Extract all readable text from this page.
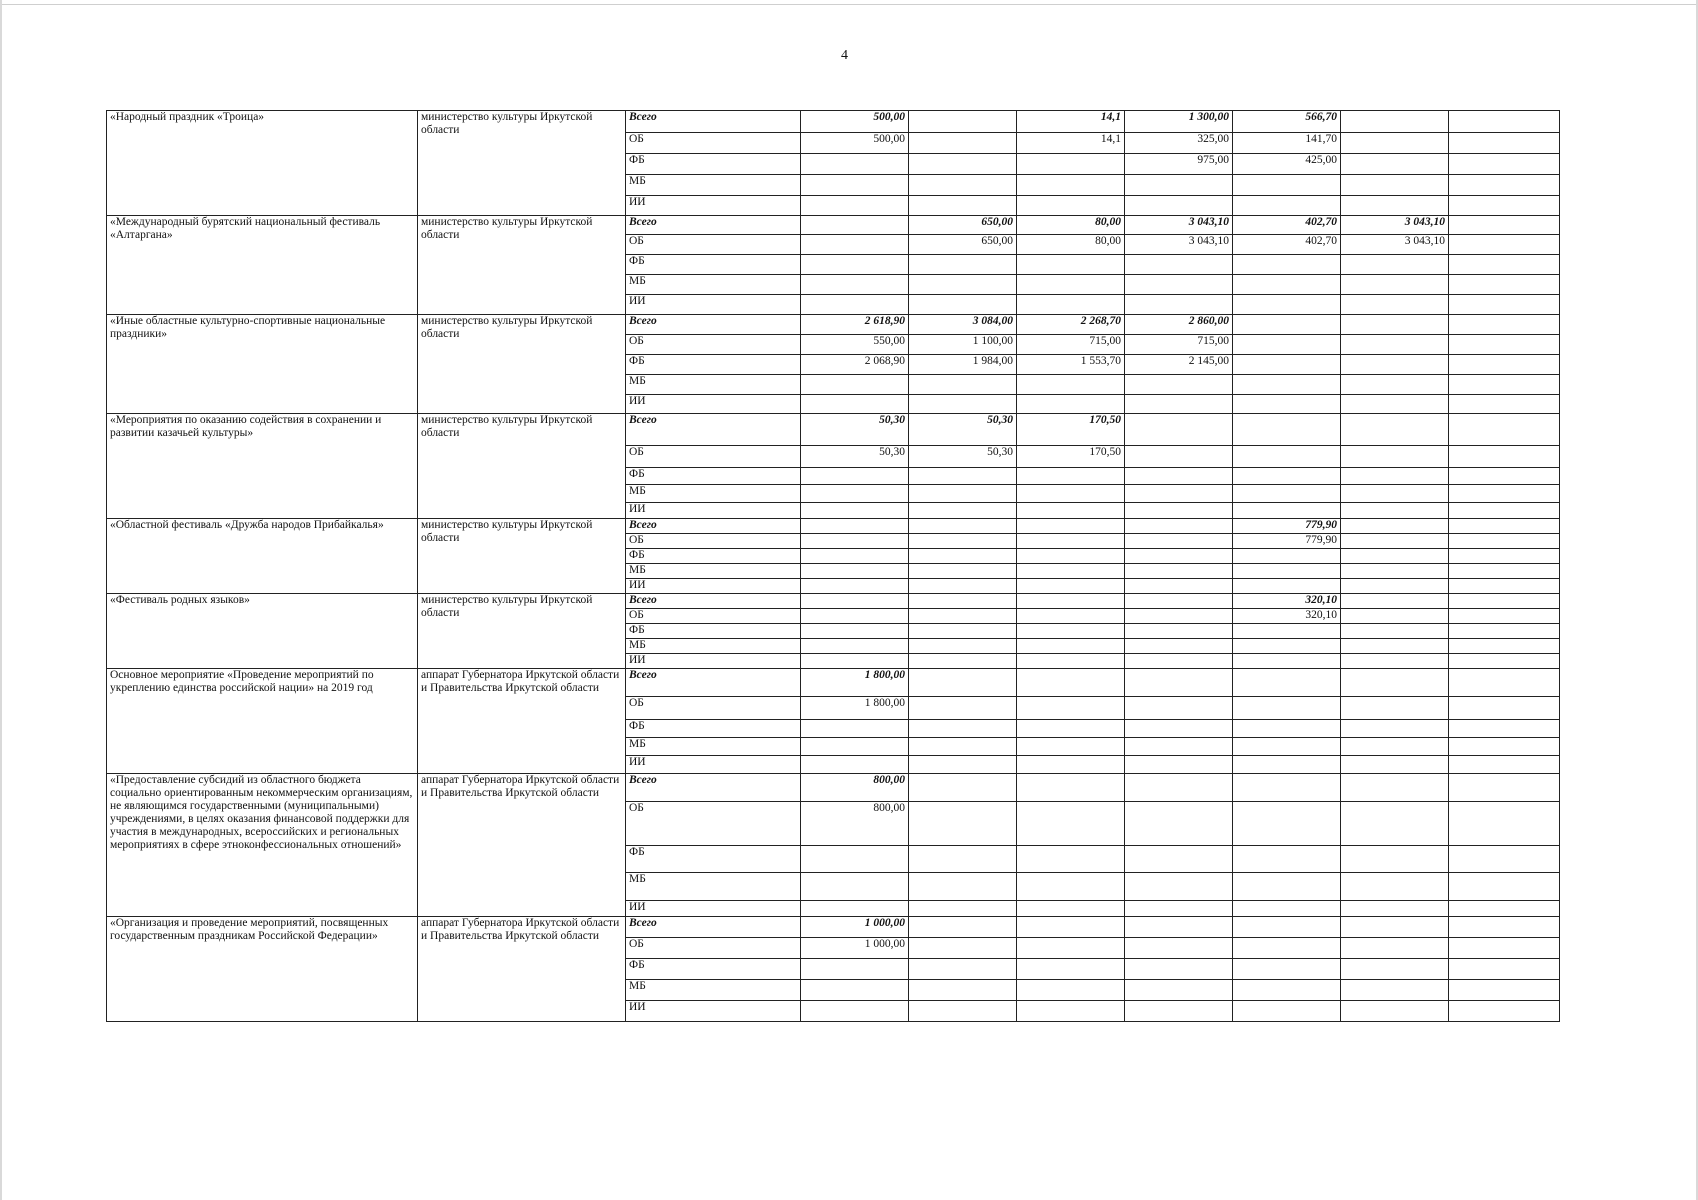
4
«Народный праздник «Троица»	министерство культуры Иркутской области	Всего	500,00		14,1	1 300,00	566,70		
		ОБ	500,00		14,1	325,00	141,70		
		ФБ				975,00	425,00		
		МБ							
		ИИ							
«Международный бурятский национальный фестиваль «Алтаргана»	министерство культуры Иркутской области	Всего		650,00	80,00	3 043,10	402,70	3 043,10	
		ОБ		650,00	80,00	3 043,10	402,70	3 043,10	
		ФБ							
		МБ							
		ИИ							
«Иные областные культурно-спортивные национальные праздники»	министерство культуры Иркутской области	Всего	2 618,90	3 084,00	2 268,70	2 860,00			
		ОБ	550,00	1 100,00	715,00	715,00			
		ФБ	2 068,90	1 984,00	1 553,70	2 145,00			
		МБ							
		ИИ							
«Мероприятия по оказанию содействия в сохранении и развитии казачьей культуры»	министерство культуры Иркутской области	Всего	50,30	50,30	170,50				
		ОБ	50,30	50,30	170,50				
		ФБ							
		МБ							
		ИИ							
«Областной фестиваль «Дружба народов Прибайкалья»	министерство культуры Иркутской области	Всего					779,90		
		ОБ					779,90		
		ФБ							
		МБ							
		ИИ							
«Фестиваль родных языков»	министерство культуры Иркутской области	Всего					320,10		
		ОБ					320,10		
		ФБ							
		МБ							
		ИИ							
Основное мероприятие «Проведение мероприятий по укреплению единства российской нации» на 2019 год	аппарат Губернатора Иркутской области и Правительства Иркутской области	Всего	1 800,00						
		ОБ	1 800,00						
		ФБ							
		МБ							
		ИИ							
«Предоставление субсидий из областного бюджета социально ориентированным некоммерческим организациям, не являющимся государственными (муниципальными) учреждениями, в целях оказания финансовой поддержки для участия в международных, всероссийских и региональных мероприятиях в сфере этноконфессиональных отношений»	аппарат Губернатора Иркутской области и Правительства Иркутской области	Всего	800,00						
		ОБ	800,00						
		ФБ							
		МБ							
		ИИ							
«Организация и проведение мероприятий, посвященных государственным праздникам Российской Федерации»	аппарат Губернатора Иркутской области и Правительства Иркутской области	Всего	1 000,00						
		ОБ	1 000,00						
		ФБ							
		МБ							
		ИИ							
